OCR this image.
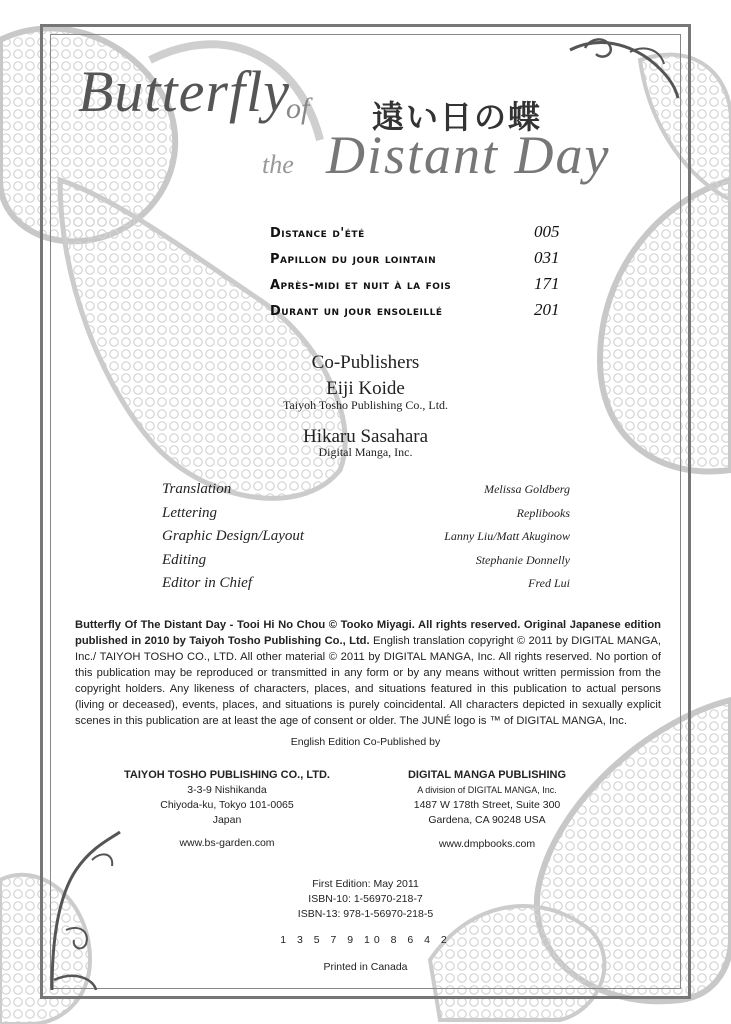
Butterfly
of
the Distant Day
遠い日の蝶
Distance d'été	005
Papillon du jour lointain	031
Après-midi et nuit à la fois	171
Durant un jour ensoleillé	201
Co-Publishers
Eiji Koide
Taiyoh Tosho Publishing Co., Ltd.
Hikaru Sasahara
Digital Manga, Inc.
Translation	Melissa Goldberg
Lettering	Replibooks
Graphic Design/Layout	Lanny Liu/Matt Akuginow
Editing	Stephanie Donnelly
Editor in Chief	Fred Lui
Butterfly Of The Distant Day - Tooi Hi No Chou © Tooko Miyagi. All rights reserved. Original Japanese edition published in 2010 by Taiyoh Tosho Publishing Co., Ltd. English translation copyright © 2011 by DIGITAL MANGA, Inc./ TAIYOH TOSHO CO., LTD. All other material © 2011 by DIGITAL MANGA, Inc. All rights reserved. No portion of this publication may be reproduced or transmitted in any form or by any means without written permission from the copyright holders. Any likeness of characters, places, and situations featured in this publication to actual persons (living or deceased), events, places, and situations is purely coincidental. All characters depicted in sexually explicit scenes in this publication are at least the age of consent or older. The JUNÉ logo is ™ of DIGITAL MANGA, Inc.
English Edition Co-Published by
TAIYOH TOSHO PUBLISHING CO., LTD.
3-3-9 Nishikanda
Chiyoda-ku, Tokyo 101-0065
Japan
DIGITAL MANGA PUBLISHING
A division of DIGITAL MANGA, Inc.
1487 W 178th Street, Suite 300
Gardena, CA 90248 USA
www.bs-garden.com	www.dmpbooks.com
First Edition: May 2011
ISBN-10: 1-56970-218-7
ISBN-13: 978-1-56970-218-5
1 3 5 7 9 10 8 6 4 2
Printed in Canada
